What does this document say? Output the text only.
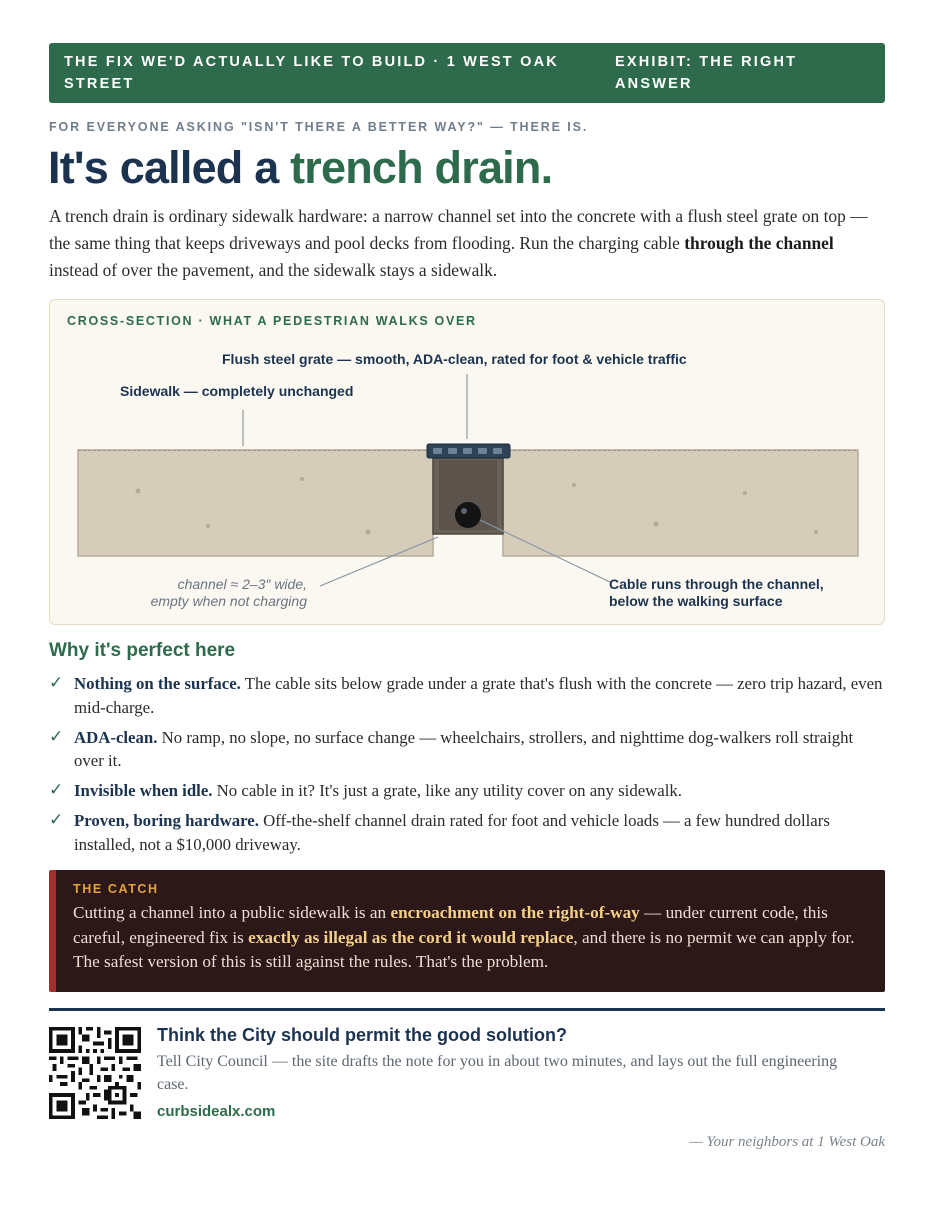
THE FIX WE'D ACTUALLY LIKE TO BUILD · 1 WEST OAK STREET
EXHIBIT: THE RIGHT ANSWER
FOR EVERYONE ASKING "ISN'T THERE A BETTER WAY?" — THERE IS.
It's called a trench drain.

A trench drain is ordinary sidewalk hardware: a narrow channel set into the concrete with a flush steel grate on top — the same thing that keeps driveways and pool decks from flooding. Run the charging cable through the channel instead of over the pavement, and the sidewalk stays a sidewalk.

CROSS-SECTION · WHAT A PEDESTRIAN WALKS OVER
Flush steel grate — smooth, ADA-clean, rated for foot & vehicle traffic
Sidewalk — completely unchanged
channel ≈ 2–3″ wide,
empty when not charging
Cable runs through the channel,
below the walking surface
Why it's perfect here
✓ Nothing on the surface. The cable sits below grade under a grate that's flush with the concrete — zero trip hazard, even mid-charge.
✓ ADA-clean. No ramp, no slope, no surface change — wheelchairs, strollers, and nighttime dog-walkers roll straight over it.
✓ Invisible when idle. No cable in it? It's just a grate, like any utility cover on any sidewalk.
✓ Proven, boring hardware. Off-the-shelf channel drain rated for foot and vehicle loads — a few hundred dollars installed, not a $10,000 driveway.
THE CATCH
Cutting a channel into a public sidewalk is an encroachment on the right-of-way — under current code, this careful, engineered fix is exactly as illegal as the cord it would replace, and there is no permit we can apply for. The safest version of this is still against the rules. That's the problem.
Think the City should permit the good solution?
Tell City Council — the site drafts the note for you in about two minutes, and lays out the full engineering case.
curbsidealx.com
— Your neighbors at 1 West Oak
